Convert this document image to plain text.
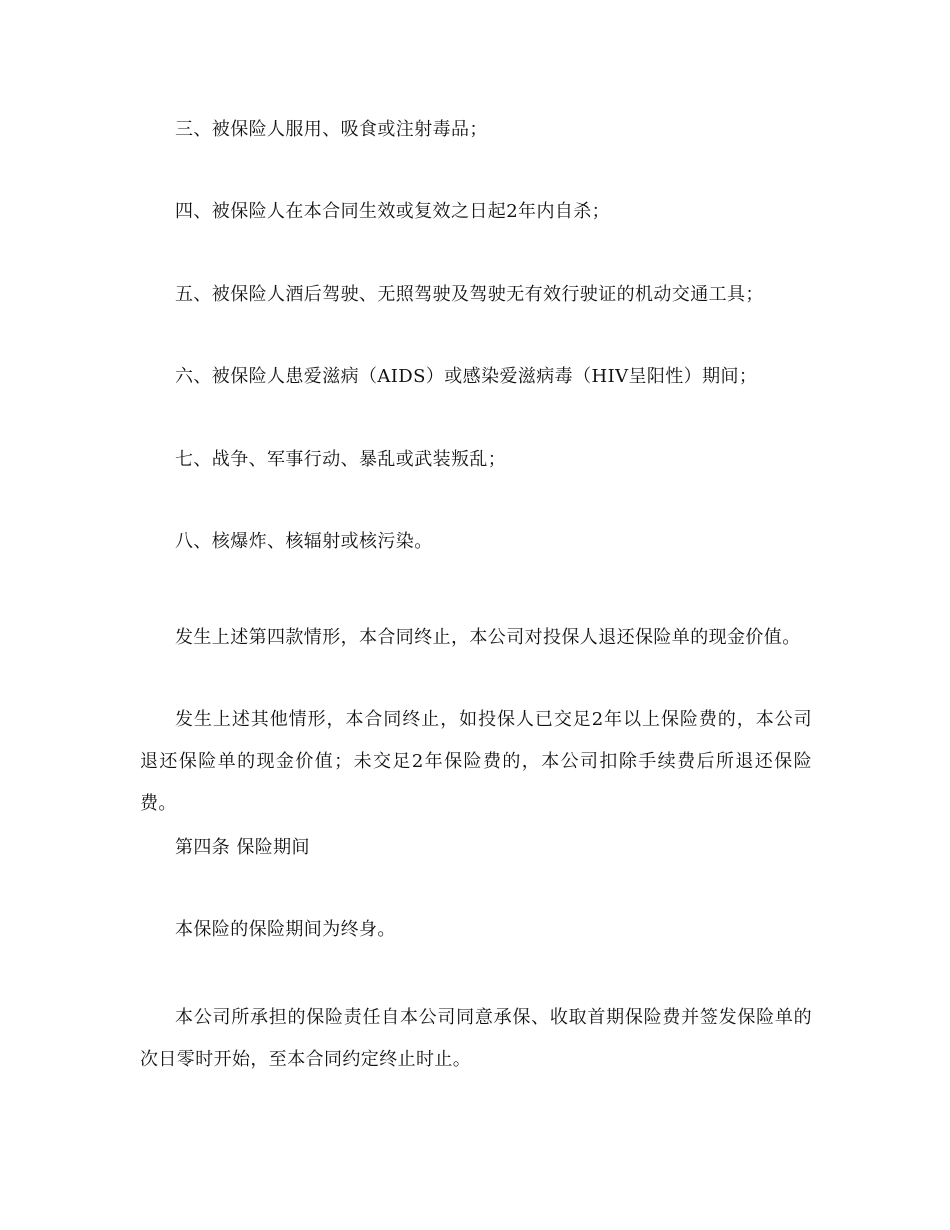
三、被保险人服用、吸食或注射毒品；

四、被保险人在本合同生效或复效之日起2年内自杀；

五、被保险人酒后驾驶、无照驾驶及驾驶无有效行驶证的机动交通工具；

六、被保险人患爱滋病（AIDS）或感染爱滋病毒（HIV呈阳性）期间；

七、战争、军事行动、暴乱或武装叛乱；

八、核爆炸、核辐射或核污染。

发生上述第四款情形，本合同终止，本公司对投保人退还保险单的现金价值。

发生上述其他情形，本合同终止，如投保人已交足2年以上保险费的，本公司退还保险单的现金价值；未交足2年保险费的，本公司扣除手续费后所退还保险费。

第四条 保险期间

本保险的保险期间为终身。

本公司所承担的保险责任自本公司同意承保、收取首期保险费并签发保险单的次日零时开始，至本合同约定终止时止。
